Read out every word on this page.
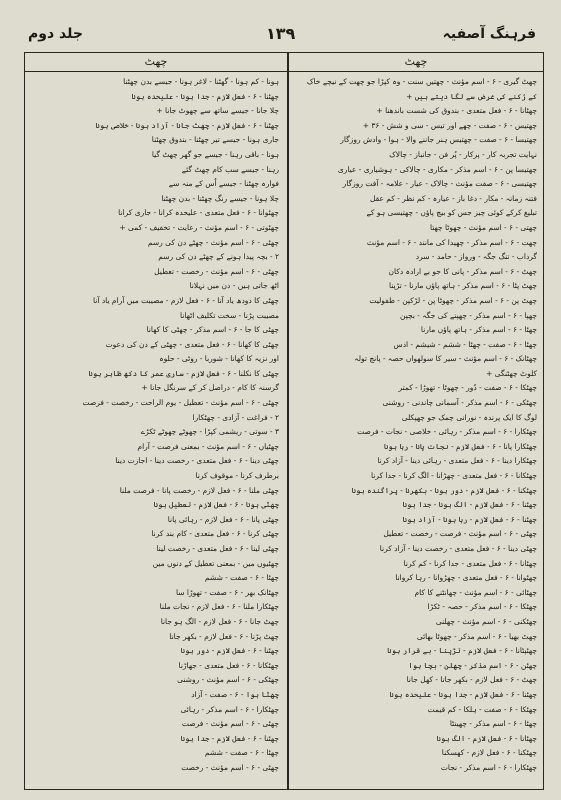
فرہنگ آصفیہ
۱۳۹
جلد دوم
چھٹ
چھٹ
چھٹ گیری - ۶ - اسم مؤنث - چھتیں سنت - وہ کپڑا جو چھت کے نیچے خاک
کے رُکنے کی غرض سے لگا دیتے ہیں +
چھٹانا - ۶ - فعل متعدی - بندوق کی شست باندھنا +
چھتیس - ۶ - صفت - چھے اور تیس - سی و شش - ۳۶ +
چھتیسا - ۶ - صفت - چھتیس ہنر جاننے والا - ہوا - وادش روزگار
نہایت تجربہ کار - پرکار - پُر فن - جانباز - چالاک
چھتیسا پن - ۶ - اسم مذکر - مکاری - چالاکی - ہوشیاری - عیاری
چھتیسی - ۶ - صفت مؤنث - چالاک - عیار - علامہ - آفت روزگار
فتنہ زمانہ - مکار - دغا باز - عیارہ - کم نظر - کم عقل
تبلیغ کرکے کوئی چیز جس کو بیچ پاؤں - چھتیسی ہو کے
چھتی - ۶ - اسم مؤنث - چھوٹا چھتا
چھت - ۶ - اسم مذکر - چھیدا کی مانند - ۶ - اسم مؤنث
گرداب - تنگ جگہ - ورواز - حامد - سرد
چھٹ - ۶ - اسم مذکر - پانی کا جو بے ارادہ دکان
چھٹ پٹا - ۶ - اسم مذکر - ہاتھ پاؤں مارنا - تڑپنا
چھٹ پن - ۶ - اسم مذکر - چھوٹا پن - لڑکپن - طفولیت
چھپا - ۶ - اسم مذکر - چھپنے کی جگہ - بچپن
چھٹا - ۶ - اسم مذکر - ہاتھ پاؤں مارنا
چھٹا - ۶ - صفت - چھٹا - ششم - شیشم - ادس
چھٹانک - ۶ - اسم مؤنث - سیر کا سولھواں حصہ - پانچ تولہ
کلوٹ چھٹنگی +
چھٹکا - ۶ - صفت - دُور - چھوٹا - تھوڑا - کمتر
چھٹکی - ۶ - اسم مذکر - آسمانی چاندنی - روشنی
لوگ کا ایک پرندہ - نورانی چمک جو چھپکلی
چھٹکارا - ۶ - اسم مذکر - رہائی - خلاصی - نجات - فرصت
چھٹکارا پانا - ۶ - فعل لازم - نجات پانا - رہا ہونا
چھٹکارا دینا - ۶ - فعل متعدی - رہائی دینا - آزاد کرنا
چھٹکانا - ۶ - فعل متعدی - چھڑانا - الگ کرنا - جدا کرنا
چھٹکنا - ۶ - فعل لازم - دور ہونا - بکھرنا - پراگندہ ہونا
چھٹنا - ۶ - فعل لازم - الگ ہونا - جدا ہونا
چھٹنا - ۶ - فعل لازم - رہا ہونا - آزاد ہونا
چھٹی - ۶ - اسم مؤنث - فرصت - رخصت - تعطیل
چھٹی دینا - ۶ - فعل متعدی - رخصت دینا - آزاد کرنا
چھٹانا - ۶ - فعل متعدی - جدا کرنا - کم کرنا
چھٹوانا - ۶ - فعل متعدی - چھڑوانا - رہا کروانا
چھٹائی - ۶ - اسم مؤنث - چھانٹنے کا کام
چھٹکا - ۶ - اسم مذکر - حصہ - ٹکڑا
چھٹکنی - ۶ - اسم مؤنث - چھلنی
چھٹ بھیا - ۶ - اسم مذکر - چھوٹا بھائی
چھٹپٹانا - ۶ - فعل لازم - تڑپنا - بے قرار ہونا
چھٹن - ۶ - اسم مذکر - چھلن - بچا ہوا
چھٹ - ۶ - فعل لازم - بکھر جانا - کھل جانا
چھٹنا - ۶ - فعل لازم - جدا ہونا - علیحدہ ہونا
چھٹکا - ۶ - صفت - ہلکا - کم قیمت
چھٹا - ۶ - اسم مذکر - چھینٹا
چھٹانا - ۶ - فعل لازم - الگ ہونا
چھٹکنا - ۶ - فعل لازم - کھسکنا
چھٹکارا - ۶ - اسم مذکر - نجات
ہونا - کم ہونا - گھٹنا - لاغر ہونا - جیسے بدن چھٹنا
چھٹنا - ۶ - فعل لازم - جدا ہونا - علیحدہ ہونا
چلا جانا - جیسے ساتھ سے چھوٹ جانا +
چھٹنا - ۶ - فعل لازم - چھٹ جانا - آزاد ہونا - خلاصی ہونا
جاری ہونا - جیسے تیر چھٹنا - بندوق چھٹنا
ہونا - باقی رہنا - جیسے جو گھر چھٹ گیا
رہنا - جیسے سب کام چھٹ گئے
فوارہ چھٹنا - جیسے اُس کے منہ سے
چلا ہونا - جیسے رنگ چھٹنا - بدن چھٹنا
چھٹوانا - ۶ - فعل متعدی - علیحدہ کرانا - جاری کرانا
چھٹوتی - ۶ - اسم مؤنث - رعایت - تخفیف - کمی +
چھٹی - ۶ - اسم مؤنث - چھٹے دن کی رسم
۲ - بچہ پیدا ہونے کے چھٹے دن کی رسم
چھٹی - ۶ - اسم مؤنث - رخصت - تعطیل
اٹھ جاتی ہیں - دن میں نہلانا
چھٹی کا دودھ یاد آنا - ۶ - فعل لازم - مصیبت میں آرام یاد آنا
مصیبت پڑنا - سخت تکلیف اٹھانا
چھٹی کا جا - ۶ - اسم مذکر - چھٹی کا کھانا
چھٹی کا کھانا - ۶ - فعل متعدی - چھٹی کے دن کی دعوت
اور نزیہ کا کھانا - شوربا - روٹی - حلوہ
چھٹی کا نکلنا - ۶ - فعل لازم - ساری عمر کا دکھ ظاہر ہونا
گرسنہ کا کام - دراصل کر کے سرنگل جانا +
چھٹی - ۶ - اسم مؤنث - تعطیل - یوم الراحت - رخصت - فرصت
۲ - فراغت - آزادی - چھٹکارا
۳ - سوتی - ریشمی کپڑا - چھوٹے چھوٹے ٹکڑے
چھٹیاں - ۶ - اسم مؤنث - بمعنی فرصت - آرام
چھٹی دینا - ۶ - فعل متعدی - رخصت دینا - اجازت دینا
برطرف کرنا - موقوف کرنا
چھٹی ملنا - ۶ - فعل لازم - رخصت پانا - فرصت ملنا
چھٹی ہونا - ۶ - فعل لازم - تعطیل ہونا
چھٹی پانا - ۶ - فعل لازم - رہائی پانا
چھٹی کرنا - ۶ - فعل متعدی - کام بند کرنا
چھٹی لینا - ۶ - فعل متعدی - رخصت لینا
چھٹیوں میں - بمعنی تعطیل کے دنوں میں
چھٹا - ۶ - صفت - ششم
چھٹانک بھر - ۶ - صفت - تھوڑا سا
چھٹکارا ملنا - ۶ - فعل لازم - نجات ملنا
چھٹ جانا - ۶ - فعل لازم - الگ ہو جانا
چھٹ پڑنا - ۶ - فعل لازم - بکھر جانا
چھٹنا - ۶ - فعل لازم - دور ہونا
چھٹکانا - ۶ - فعل متعدی - جھاڑنا
چھٹکی - ۶ - اسم مؤنث - روشنی
چھٹا ہوا - ۶ - صفت - آزاد
چھٹکارا - ۶ - اسم مذکر - رہائی
چھٹی - ۶ - اسم مؤنث - فرصت
چھٹنا - ۶ - فعل لازم - جدا ہونا
چھٹا - ۶ - صفت - ششم
چھٹی - ۶ - اسم مؤنث - رخصت
